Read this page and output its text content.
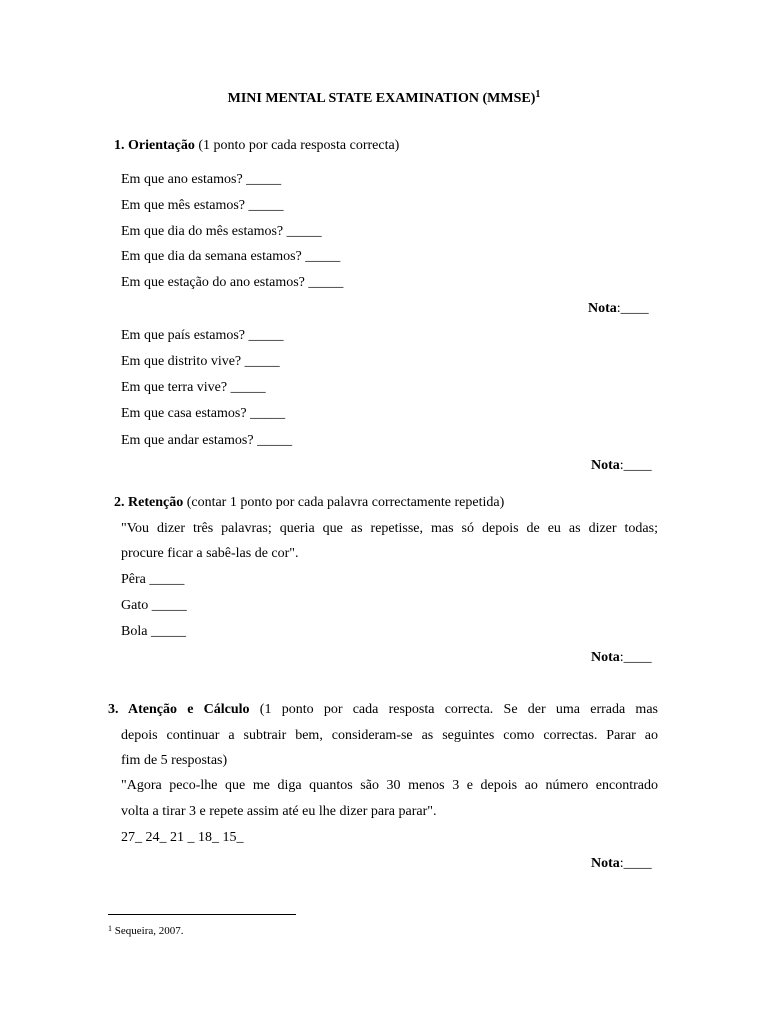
MINI MENTAL STATE EXAMINATION (MMSE)$^1$
1. Orientação (1 ponto por cada resposta correcta)
Em que ano estamos? _____
Em que mês estamos? _____
Em que dia do mês estamos? _____
Em que dia da semana estamos? _____
Em que estação do ano estamos? _____
Nota:____
Em que país estamos? _____
Em que distrito vive? _____
Em que terra vive? _____
Em que casa estamos? _____
Em que andar estamos? _____
Nota:____
2. Retenção (contar 1 ponto por cada palavra correctamente repetida)
"Vou dizer três palavras; queria que as repetisse, mas só depois de eu as dizer todas;
procure ficar a sabê-las de cor".
Pêra _____
Gato _____
Bola _____
Nota:____
3. Atenção e Cálculo (1 ponto por cada resposta correcta. Se der uma errada mas
depois continuar a subtrair bem, consideram-se as seguintes como correctas. Parar ao
fim de 5 respostas)
"Agora peco-lhe que me diga quantos são 30 menos 3 e depois ao número encontrado
volta a tirar 3 e repete assim até eu lhe dizer para parar".
27_ 24_ 21 _ 18_ 15_
Nota:____
$^1$ Sequeira, 2007.
